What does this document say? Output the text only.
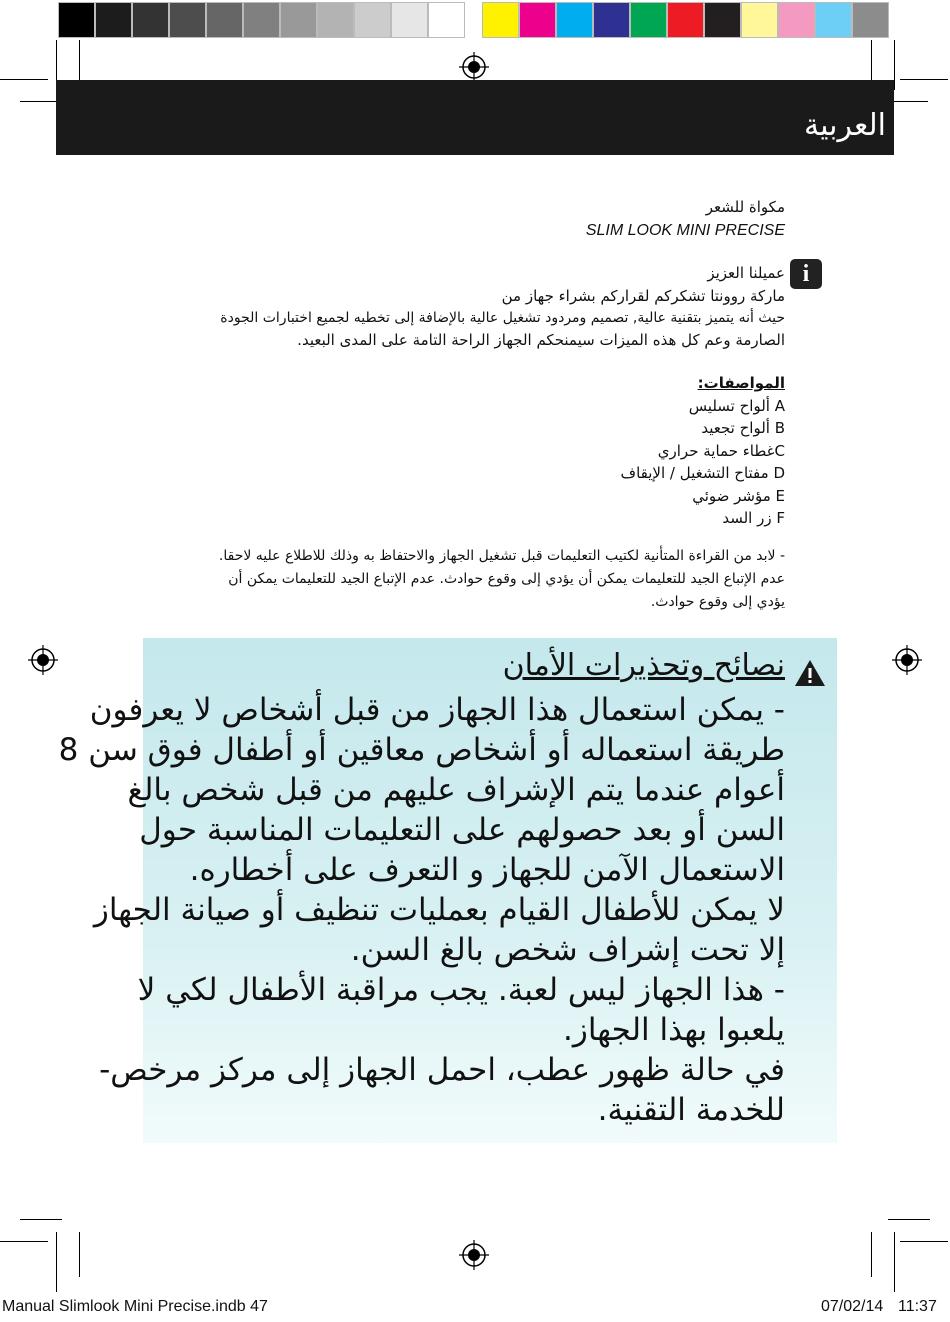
العربية
مكواة للشعر
SLIM LOOK MINI PRECISE
i
عميلنا العزيز
ماركة روونتا تشكركم لقراركم بشراء جهاز من
حيث أنه يتميز بتقنية عالية, تصميم ومردود تشغيل عالية بالإضافة إلى تخطيه لجميع اختبارات الجودة
الصارمة وعم كل هذه الميزات سيمنحكم الجهاز الراحة التامة على المدى البعيد.
المواصفات:
A ألواح تسليس
B ألواح تجعيد
Cغطاء حماية حراري
D مفتاح التشغيل / الإيقاف
E مؤشر ضوئي
F زر السد
- لابد من القراءة المتأنية لكتيب التعليمات قبل تشغيل الجهاز والاحتفاظ به وذلك للاطلاع عليه لاحقا.
عدم الإتباع الجيد للتعليمات يمكن أن يؤدي إلى وقوع حوادث. عدم الإتباع الجيد للتعليمات يمكن أن
يؤدي إلى وقوع حوادث.
نصائح وتحذيرات الأمان
- يمكن استعمال هذا الجهاز من قبل أشخاص لا يعرفون
طريقة استعماله أو أشخاص معاقين أو أطفال فوق سن 8
أعوام عندما يتم الإشراف عليهم من قبل شخص بالغ
السن أو بعد حصولهم على التعليمات المناسبة حول
الاستعمال الآمن للجهاز و التعرف على أخطاره.
لا يمكن للأطفال القيام بعمليات تنظيف أو صيانة الجهاز
إلا تحت إشراف شخص بالغ السن.
- هذا الجهاز ليس لعبة. يجب مراقبة الأطفال لكي لا
يلعبوا بهذا الجهاز.
في حالة ظهور عطب، احمل الجهاز إلى مركز مرخص-
للخدمة التقنية.
Manual Slimlook Mini Precise.indb 47	07/02/14 11:37
